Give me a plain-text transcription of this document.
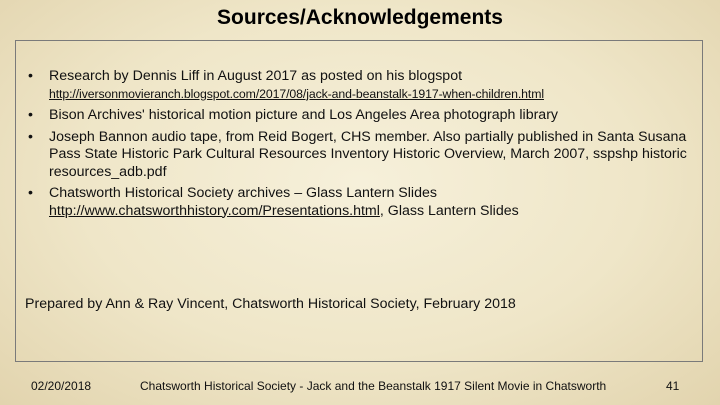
Sources/Acknowledgements
• Research by Dennis Liff in August 2017 as posted on his blogspot
http://iversonmovieranch.blogspot.com/2017/08/jack-and-beanstalk-1917-when-children.html
• Bison Archives' historical motion picture and Los Angeles Area photograph library
• Joseph Bannon audio tape, from Reid Bogert, CHS member. Also partially published in Santa Susana Pass State Historic Park Cultural Resources Inventory Historic Overview, March 2007, sspshp historic resources_adb.pdf
• Chatsworth Historical Society archives – Glass Lantern Slides
http://www.chatsworthhistory.com/Presentations.html, Glass Lantern Slides
Prepared by Ann & Ray Vincent, Chatsworth Historical Society, February 2018
02/20/2018	Chatsworth Historical Society - Jack and the Beanstalk 1917 Silent Movie in Chatsworth	41
